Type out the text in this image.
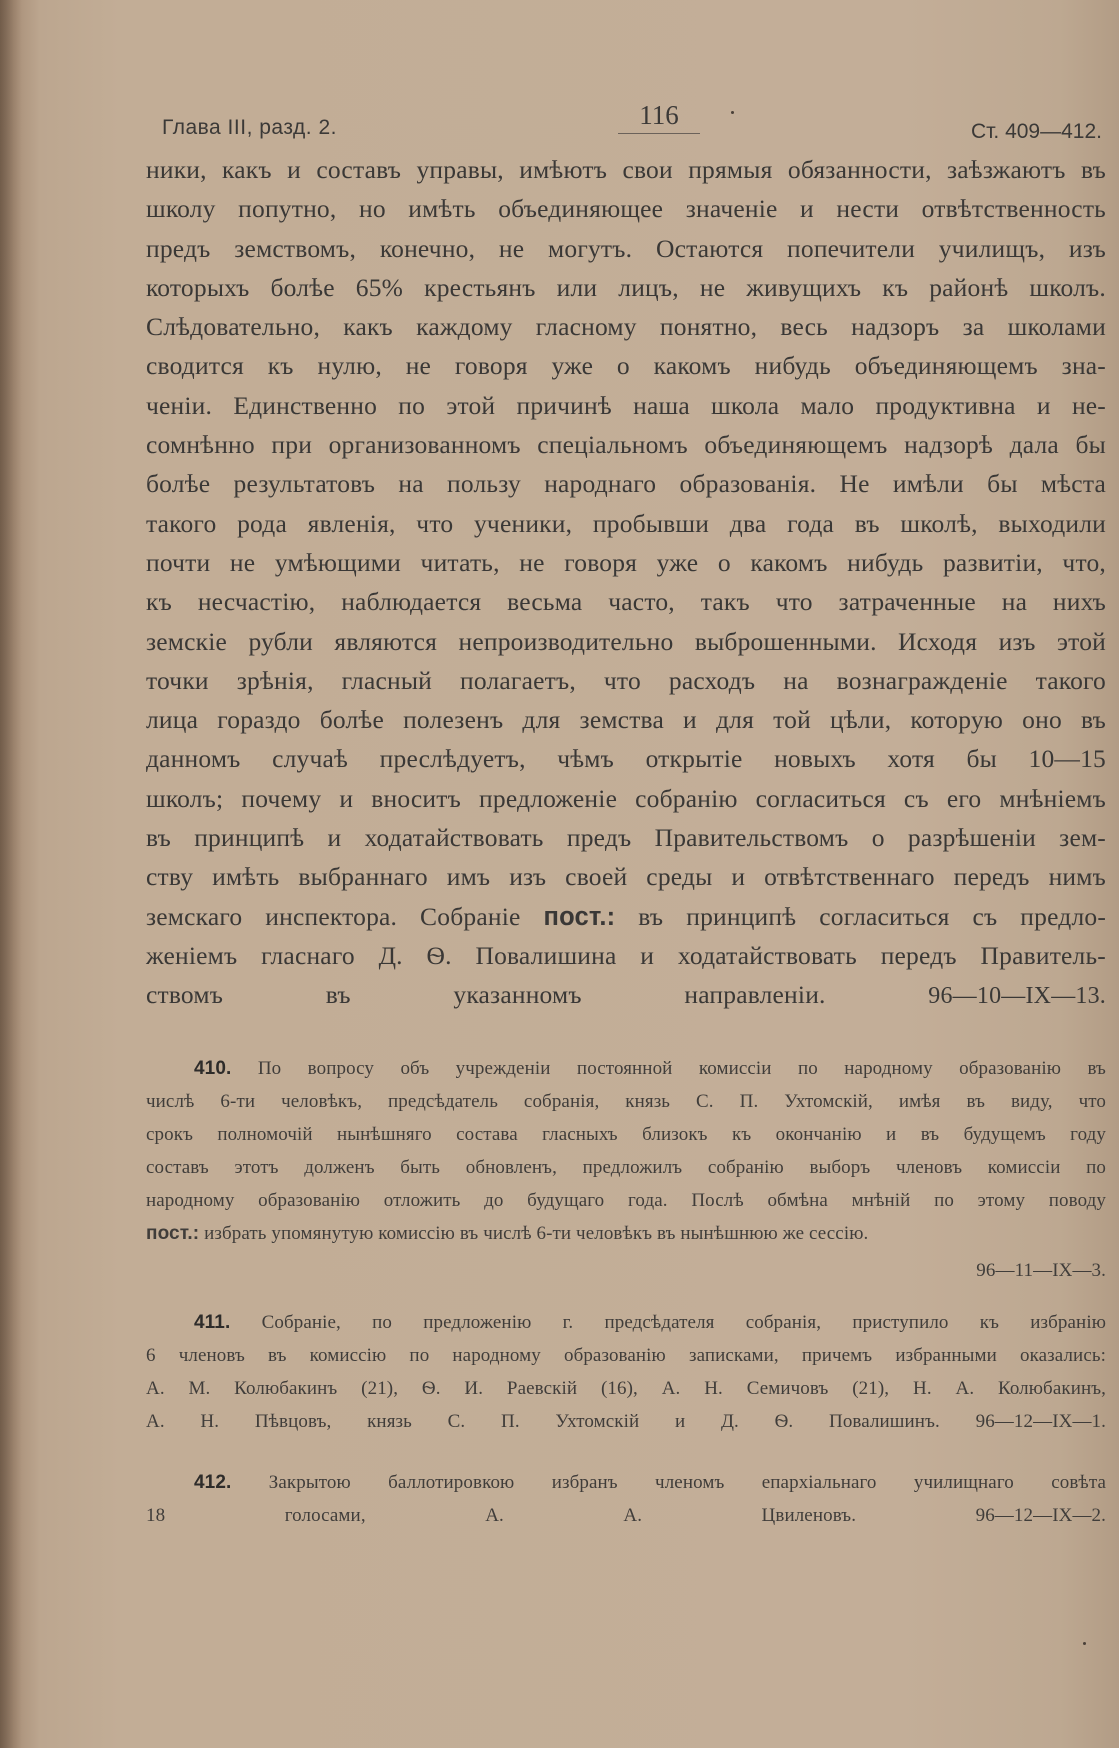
Глава III, разд. 2.	116
Ст. 409—412.
ники, какъ и составъ управы, имѣютъ свои прямыя обязанности, заѣзжаютъ въ
школу попутно, но имѣть объединяющее значеніе и нести отвѣтственность
предъ земствомъ, конечно, не могутъ. Остаются попечители училищъ, изъ
которыхъ болѣе 65% крестьянъ или лицъ, не живущихъ къ районѣ школъ.
Слѣдовательно, какъ каждому гласному понятно, весь надзоръ за школами
сводится къ нулю, не говоря уже о какомъ нибудь объединяющемъ зна-
ченіи. Единственно по этой причинѣ наша школа мало продуктивна и не-
сомнѣнно при организованномъ спеціальномъ объединяющемъ надзорѣ дала бы
болѣе результатовъ на пользу народнаго образованія. Не имѣли бы мѣста
такого рода явленія, что ученики, пробывши два года въ школѣ, выходили
почти не умѣющими читать, не говоря уже о какомъ нибудь развитіи, что,
къ несчастію, наблюдается весьма часто, такъ что затраченные на нихъ
земскіе рубли являются непроизводительно выброшенными. Исходя изъ этой
точки зрѣнія, гласный полагаетъ, что расходъ на вознагражденіе такого
лица гораздо болѣе полезенъ для земства и для той цѣли, которую оно въ
данномъ случаѣ преслѣдуетъ, чѣмъ открытіе новыхъ хотя бы 10—15
школъ; почему и вноситъ предложеніе собранію согласиться съ его мнѣніемъ
въ принципѣ и ходатайствовать предъ Правительствомъ о разрѣшеніи зем-
ству имѣть выбраннаго имъ изъ своей среды и отвѣтственнаго передъ нимъ
земскаго инспектора. Собраніе пост.: въ принципѣ согласиться съ предло-
женіемъ гласнаго Д. Ѳ. Повалишина и ходатайствовать передъ Правитель-
ствомъ въ указанномъ направленіи.	96—10—IX—13.
410. По вопросу объ учрежденіи постоянной комиссіи по народному образованію въ
числѣ 6-ти человѣкъ, предсѣдатель собранія, князь С. П. Ухтомскій, имѣя въ виду, что
срокъ полномочій нынѣшняго состава гласныхъ близокъ къ окончанію и въ будущемъ году
составъ этотъ долженъ быть обновленъ, предложилъ собранію выборъ членовъ комиссіи по
народному образованію отложить до будущаго года. Послѣ обмѣна мнѣній по этому поводу
пост.: избрать упомянутую комиссію въ числѣ 6-ти человѣкъ въ нынѣшнюю же сессію.
96—11—IX—3.
411. Собраніе, по предложенію г. предсѣдателя собранія, приступило къ избранію
6 членовъ въ комиссію по народному образованію записками, причемъ избранными оказались:
А. М. Колюбакинъ (21), Ѳ. И. Раевскій (16), А. Н. Семичовъ (21), Н. А. Колюбакинъ,
А. Н. Пѣвцовъ, князь С. П. Ухтомскій и Д. Ѳ. Повалишинъ. 96—12—IX—1.
412. Закрытою баллотировкою избранъ членомъ епархіальнаго училищнаго совѣта
18 голосами, А. А. Цвиленовъ.	96—12—IX—2.
